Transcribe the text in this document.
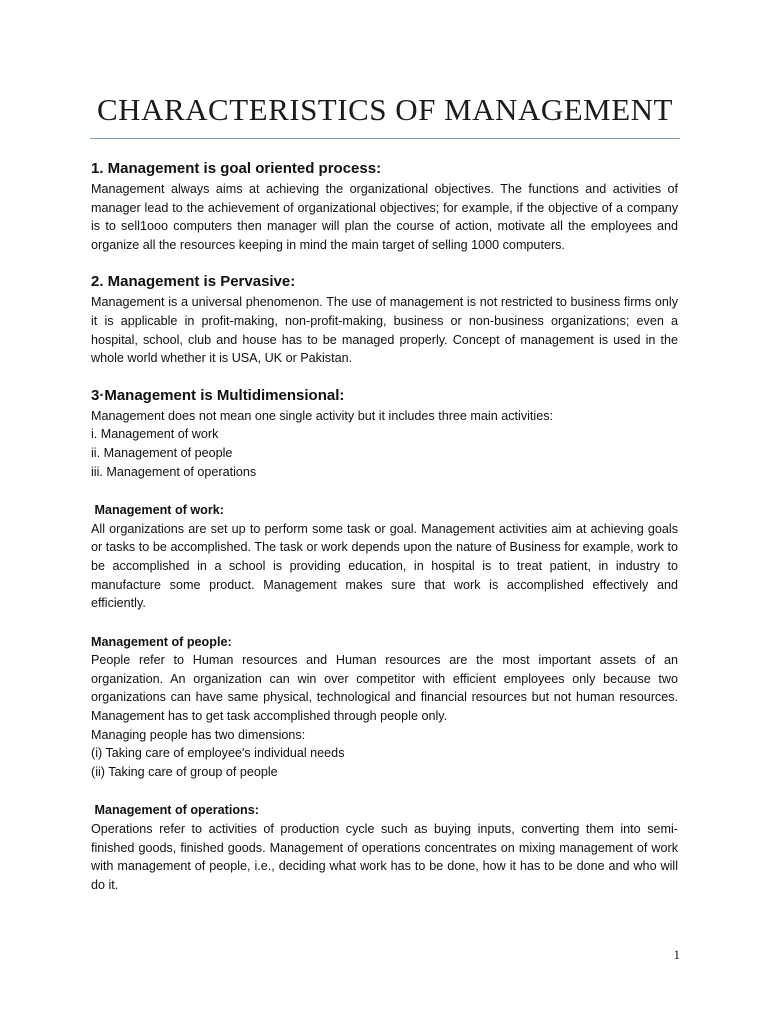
CHARACTERISTICS OF MANAGEMENT
1. Management is goal oriented process:

Management always aims at achieving the organizational objectives. The functions and activities of manager lead to the achievement of organizational objectives; for example, if the objective of a company is to sell1ooo computers then manager will plan the course of action, motivate all the employees and organize all the resources keeping in mind the main target of selling 1000 computers.

2. Management is Pervasive:

Management is a universal phenomenon. The use of management is not restricted to business firms only it is applicable in profit-making, non-profit-making, business or non-business organizations; even a hospital, school, club and house has to be managed properly. Concept of management is used in the whole world whether it is USA, UK or Pakistan.

3·Management is Multidimensional:
Management does not mean one single activity but it includes three main activities:
i. Management of work
ii. Management of people
iii. Management of operations
Management of work:

All organizations are set up to perform some task or goal. Management activities aim at achieving goals or tasks to be accomplished. The task or work depends upon the nature of Business for example, work to be accomplished in a school is providing education, in hospital is to treat patient, in industry to manufacture some product. Management makes sure that work is accomplished effectively and efficiently.

Management of people:

People refer to Human resources and Human resources are the most important assets of an organization. An organization can win over competitor with efficient employees only because two organizations can have same physical, technological and financial resources but not human resources. Management has to get task accomplished through people only.

Managing people has two dimensions:
(i) Taking care of employee's individual needs
(ii) Taking care of group of people
Management of operations:

Operations refer to activities of production cycle such as buying inputs, converting them into semi-finished goods, finished goods. Management of operations concentrates on mixing management of work with management of people, i.e., deciding what work has to be done, how it has to be done and who will do it.

1
